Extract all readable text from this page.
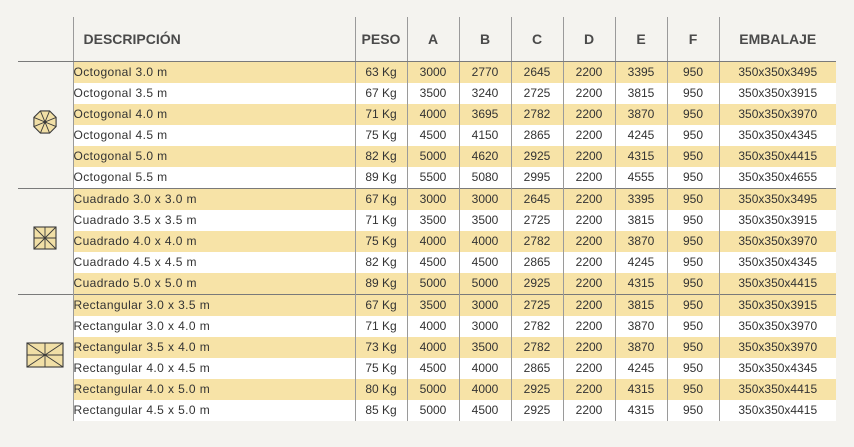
	DESCRIPCIÓN	PESO	A	B	C	D	E	F	EMBALAJE
	Octogonal 3.0 m	63 Kg	3000	2770	2645	2200	3395	950	350x350x3495
	Octogonal 3.5 m	67 Kg	3500	3240	2725	2200	3815	950	350x350x3915
	Octogonal 4.0 m	71 Kg	4000	3695	2782	2200	3870	950	350x350x3970
	Octogonal 4.5 m	75 Kg	4500	4150	2865	2200	4245	950	350x350x4345
	Octogonal 5.0 m	82 Kg	5000	4620	2925	2200	4315	950	350x350x4415
	Octogonal 5.5 m	89 Kg	5500	5080	2995	2200	4555	950	350x350x4655
	Cuadrado 3.0 x 3.0 m	67 Kg	3000	3000	2645	2200	3395	950	350x350x3495
	Cuadrado 3.5 x 3.5 m	71 Kg	3500	3500	2725	2200	3815	950	350x350x3915
	Cuadrado 4.0 x 4.0 m	75 Kg	4000	4000	2782	2200	3870	950	350x350x3970
	Cuadrado 4.5 x 4.5 m	82 Kg	4500	4500	2865	2200	4245	950	350x350x4345
	Cuadrado 5.0 x 5.0 m	89 Kg	5000	5000	2925	2200	4315	950	350x350x4415
	Rectangular 3.0 x 3.5 m	67 Kg	3500	3000	2725	2200	3815	950	350x350x3915
	Rectangular 3.0 x 4.0 m	71 Kg	4000	3000	2782	2200	3870	950	350x350x3970
	Rectangular 3.5 x 4.0 m	73 Kg	4000	3500	2782	2200	3870	950	350x350x3970
	Rectangular 4.0 x 4.5 m	75 Kg	4500	4000	2865	2200	4245	950	350x350x4345
	Rectangular 4.0 x 5.0 m	80 Kg	5000	4000	2925	2200	4315	950	350x350x4415
	Rectangular 4.5 x 5.0 m	85 Kg	5000	4500	2925	2200	4315	950	350x350x4415
